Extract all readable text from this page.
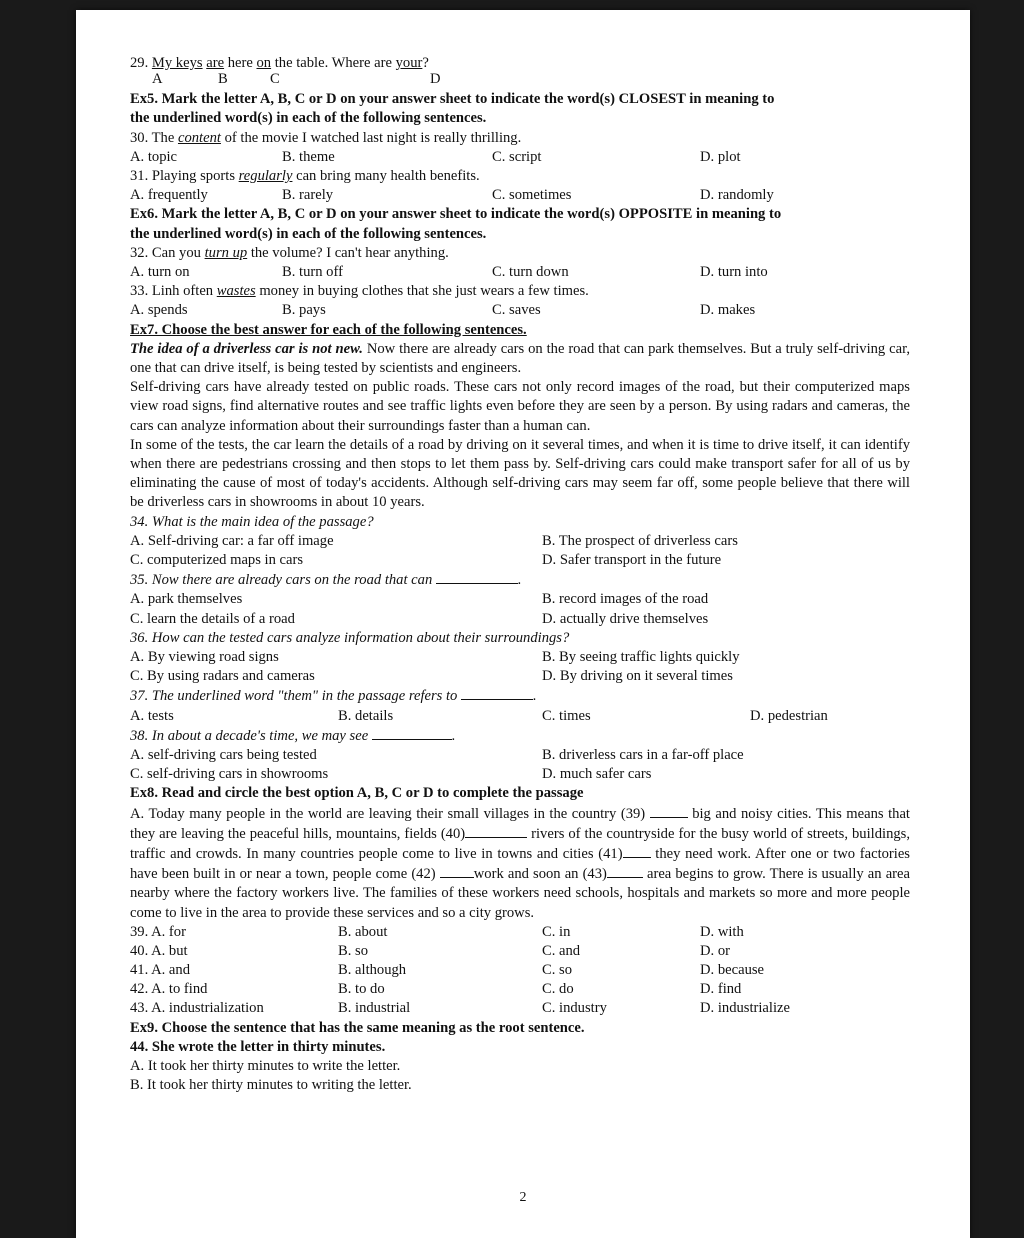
29. My keys are here on the table. Where are your?
A	B	C	D
Ex5. Mark the letter A, B, C or D on your answer sheet to indicate the word(s) CLOSEST in meaning to
the underlined word(s) in each of the following sentences.
30. The content of the movie I watched last night is really thrilling.
A. topic	B. theme	C. script	D. plot
31. Playing sports regularly can bring many health benefits.
A. frequently	B. rarely	C. sometimes	D. randomly
Ex6. Mark the letter A, B, C or D on your answer sheet to indicate the word(s) OPPOSITE in meaning to
the underlined word(s) in each of the following sentences.
32. Can you turn up the volume? I can't hear anything.
A. turn on	B. turn off	C. turn down	D. turn into
33. Linh often wastes money in buying clothes that she just wears a few times.
A. spends	B. pays	C. saves	D. makes
Ex7. Choose the best answer for each of the following sentences.
The idea of a driverless car is not new. Now there are already cars on the road that can park themselves. But a truly self-driving car, one that can drive itself, is being tested by scientists and engineers.
Self-driving cars have already tested on public roads. These cars not only record images of the road, but their computerized maps view road signs, find alternative routes and see traffic lights even before they are seen by a person. By using radars and cameras, the cars can analyze information about their surroundings faster than a human can.
In some of the tests, the car learn the details of a road by driving on it several times, and when it is time to drive itself, it can identify when there are pedestrians crossing and then stops to let them pass by. Self-driving cars could make transport safer for all of us by eliminating the cause of most of today's accidents. Although self-driving cars may seem far off, some people believe that there will be driverless cars in showrooms in about 10 years.
34. What is the main idea of the passage?
A. Self-driving car: a far off image	B. The prospect of driverless cars
C. computerized maps in cars	D. Safer transport in the future
35. Now there are already cars on the road that can	.
A. park themselves	B. record images of the road
C. learn the details of a road	D. actually drive themselves
36. How can the tested cars analyze information about their surroundings?
A. By viewing road signs	B. By seeing traffic lights quickly
C. By using radars and cameras	D. By driving on it several times
37. The underlined word "them" in the passage refers to	.
A. tests	B. details	C. times	D. pedestrian
38. In about a decade's time, we may see	.
A. self-driving cars being tested	B. driverless cars in a far-off place
C. self-driving cars in showrooms	D. much safer cars
Ex8. Read and circle the best option A, B, C or D to complete the passage
A. Today many people in the world are leaving their small villages in the country (39)	big and noisy cities. This means that they are leaving the peaceful hills, mountains, fields (40)	rivers of the countryside for the busy world of streets, buildings, traffic and crowds. In many countries people come to live in towns and cities (41) they need work. After one or two factories have been built in or near a town, people come (42) work and soon an (43) area begins to grow. There is usually an area nearby where the factory workers live. The families of these workers need schools, hospitals and markets so more and more people come to live in the area to provide these services and so a city grows.
39. A. for	B. about	C. in	D. with
40. A. but	B. so	C. and	D. or
41. A. and	B. although	C. so	D. because
42. A. to find	B. to do	C. do	D. find
43. A. industrialization	B. industrial	C. industry	D. industrialize
Ex9. Choose the sentence that has the same meaning as the root sentence.
44. She wrote the letter in thirty minutes.
A. It took her thirty minutes to write the letter.
B. It took her thirty minutes to writing the letter.
2
